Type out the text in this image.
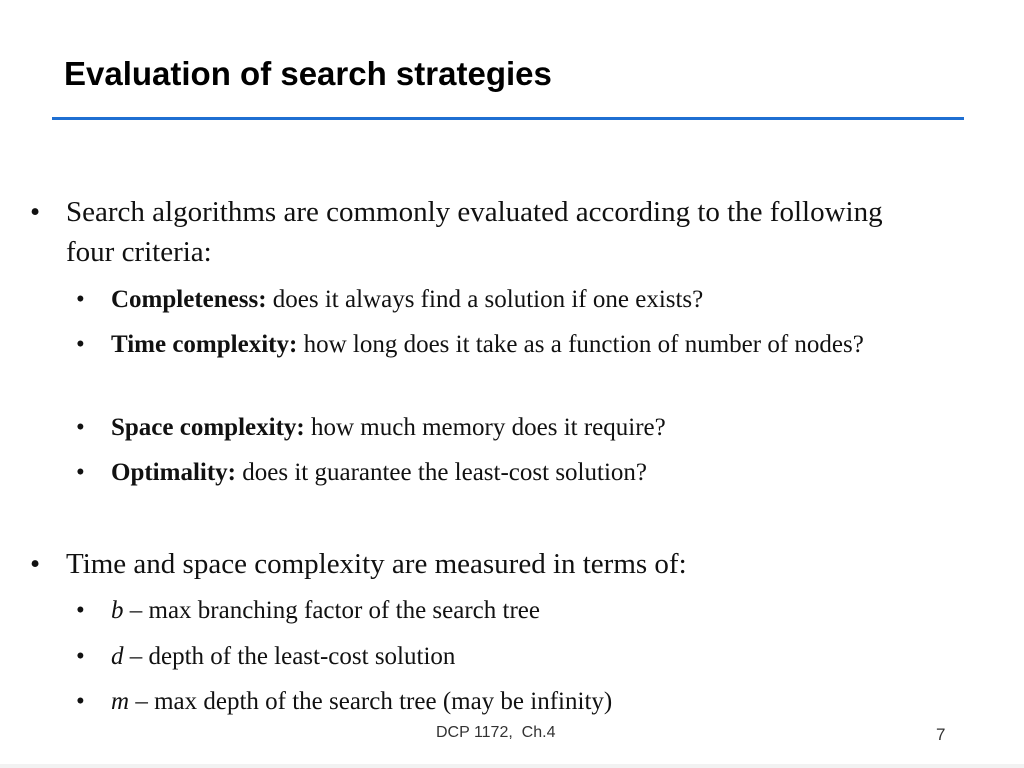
Evaluation of search strategies
• Search algorithms are commonly evaluated according to the following four criteria:
• Completeness: does it always find a solution if one exists?
• Time complexity: how long does it take as a function of number of nodes?
• Space complexity: how much memory does it require?
• Optimality: does it guarantee the least-cost solution?
• Time and space complexity are measured in terms of:
• b – max branching factor of the search tree
• d – depth of the least-cost solution
• m – max depth of the search tree (may be infinity)
DCP 1172,  Ch.4	7
